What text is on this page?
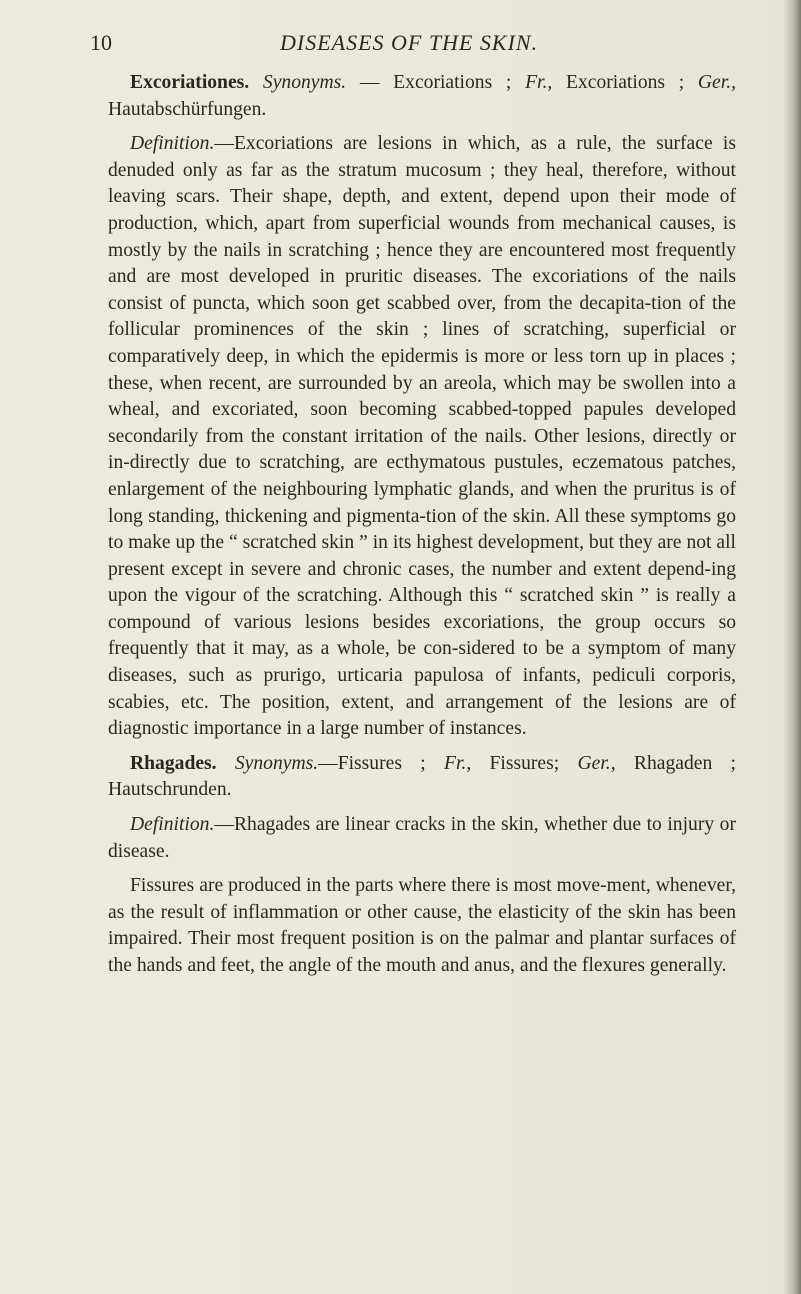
10	DISEASES OF THE SKIN.

Excoriationes. Synonyms. — Excoriations ; Fr., Excoriations ; Ger., Hautabschürfungen.

Definition.—Excoriations are lesions in which, as a rule, the surface is denuded only as far as the stratum mucosum ; they heal, therefore, without leaving scars. Their shape, depth, and extent, depend upon their mode of production, which, apart from superficial wounds from mechanical causes, is mostly by the nails in scratching ; hence they are encountered most frequently and are most developed in pruritic diseases. The excoriations of the nails consist of puncta, which soon get scabbed over, from the decapita-tion of the follicular prominences of the skin ; lines of scratching, superficial or comparatively deep, in which the epidermis is more or less torn up in places ; these, when recent, are surrounded by an areola, which may be swollen into a wheal, and excoriated, soon becoming scabbed-topped papules developed secondarily from the constant irritation of the nails. Other lesions, directly or in-directly due to scratching, are ecthymatous pustules, eczematous patches, enlargement of the neighbouring lymphatic glands, and when the pruritus is of long standing, thickening and pigmenta-tion of the skin. All these symptoms go to make up the “ scratched skin ” in its highest development, but they are not all present except in severe and chronic cases, the number and extent depend-ing upon the vigour of the scratching. Although this “ scratched skin ” is really a compound of various lesions besides excoriations, the group occurs so frequently that it may, as a whole, be con-sidered to be a symptom of many diseases, such as prurigo, urticaria papulosa of infants, pediculi corporis, scabies, etc. The position, extent, and arrangement of the lesions are of diagnostic importance in a large number of instances.

Rhagades. Synonyms.—Fissures ; Fr., Fissures; Ger., Rhagaden ; Hautschrunden.

Definition.—Rhagades are linear cracks in the skin, whether due to injury or disease.

Fissures are produced in the parts where there is most move-ment, whenever, as the result of inflammation or other cause, the elasticity of the skin has been impaired. Their most frequent position is on the palmar and plantar surfaces of the hands and feet, the angle of the mouth and anus, and the flexures generally.
